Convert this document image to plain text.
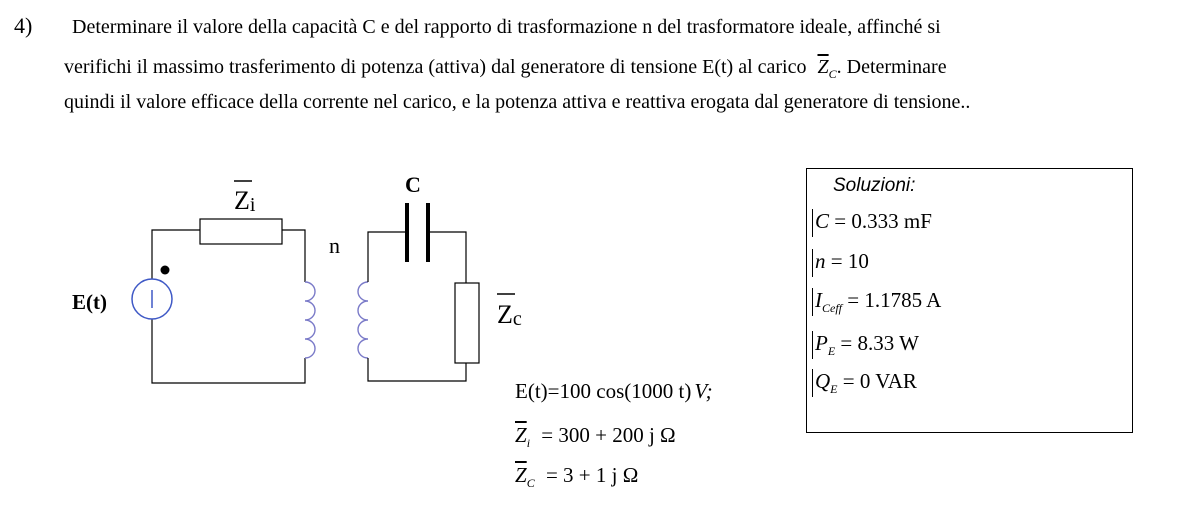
4) Determinare il valore della capacità C e del rapporto di trasformazione n del trasformatore ideale, affinché si
verifichi il massimo trasferimento di potenza (attiva) dal generatore di tensione E(t) al carico $\overline{Z}_C$. Determinare
quindi il valore efficace della corrente nel carico, e la potenza attiva e reattiva erogata dal generatore di tensione..
E(t)
Zi
n
C
Zc
E(t)=100 cos(1000 t) V;
$\overline{Z}_i = 300 + 200$ j Ω
$\overline{Z}_C = 3 + 1$ j Ω
Soluzioni:
C = 0.333 mF
n = 10
$I_{Ceff} = 1.1785$ A
$P_E = 8.33$ W
$Q_E = 0$ VAR
